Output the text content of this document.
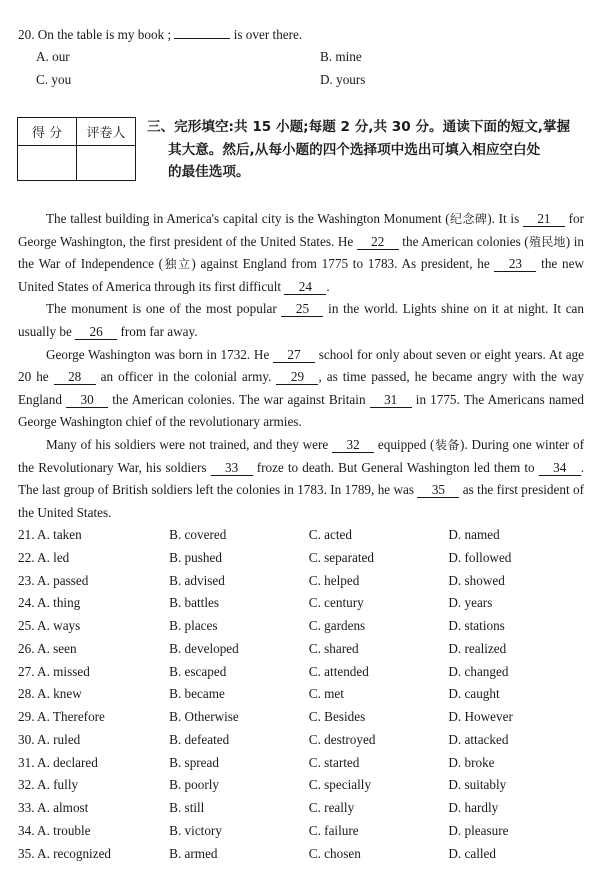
20. On the table is my book ;	is over there.
A. our	B. mine
C. you	D. yours
得 分	评卷人
	三、完形填空:共 15 小题;每题 2 分,共 30 分。通读下面的短文,掌握
其大意。然后,从每小题的四个选择项中选出可填入相应空白处
的最佳选项。

The tallest building in America's capital city is the Washington Monument (纪念碑). It is 21 for George Washington, the first president of the United States. He 22 the American colonies (殖民地) in the War of Independence (独立) against England from 1775 to 1783. As president, he 23 the new United States of America through its first difficult 24 .

The monument is one of the most popular 25 in the world. Lights shine on it at night. It can usually be 26 from far away.

George Washington was born in 1732. He 27 school for only about seven or eight years. At age 20 he 28 an officer in the colonial army. 29 , as time passed, he became angry with the way England 30 the American colonies. The war against Britain 31 in 1775. The Americans named George Washington chief of the revolutionary armies.

Many of his soldiers were not trained, and they were 32 equipped (装备). During one winter of the Revolutionary War, his soldiers 33 froze to death. But General Washington led them to 34 . The last group of British soldiers left the colonies in 1783. In 1789, he was 35 as the first president of the United States.

21. A. taken	B. covered	C. acted	D. named
22. A. led	B. pushed	C. separated	D. followed
23. A. passed	B. advised	C. helped	D. showed
24. A. thing	B. battles	C. century	D. years
25. A. ways	B. places	C. gardens	D. stations
26. A. seen	B. developed	C. shared	D. realized
27. A. missed	B. escaped	C. attended	D. changed
28. A. knew	B. became	C. met	D. caught
29. A. Therefore	B. Otherwise	C. Besides	D. However
30. A. ruled	B. defeated	C. destroyed	D. attacked
31. A. declared	B. spread	C. started	D. broke
32. A. fully	B. poorly	C. specially	D. suitably
33. A. almost	B. still	C. really	D. hardly
34. A. trouble	B. victory	C. failure	D. pleasure
35. A. recognized	B. armed	C. chosen	D. called
